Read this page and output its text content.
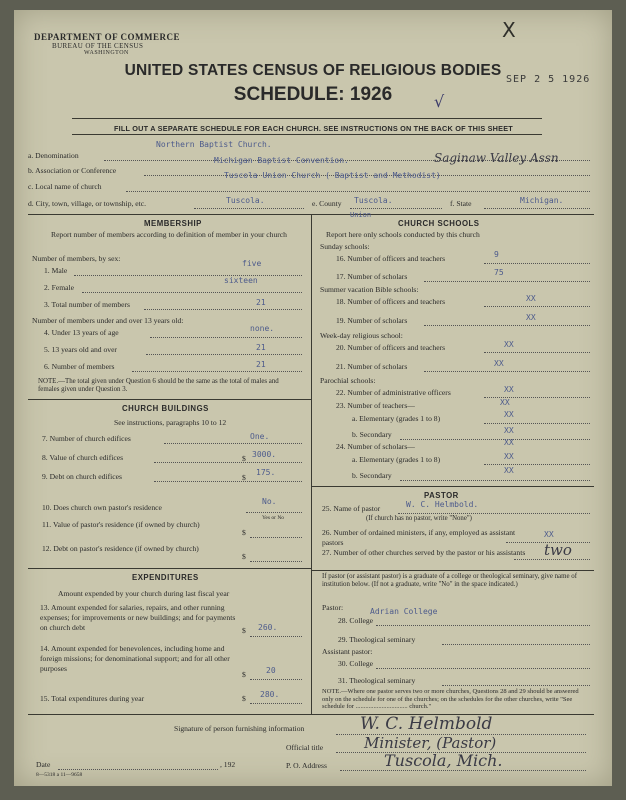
DEPARTMENT OF COMMERCE
BUREAU OF THE CENSUS
WASHINGTON
X
UNITED STATES CENSUS OF RELIGIOUS BODIES
SEP 2 5 1926
SCHEDULE: 1926	√
FILL OUT A SEPARATE SCHEDULE FOR EACH CHURCH. SEE INSTRUCTIONS ON THE BACK OF THIS SHEET
a. Denomination
Northern Baptist Church.
b. Association or Conference
Michigan Baptist Convention.	Saginaw Valley Assn
c. Local name of church
Tuscola Union Church ( Baptist and Methodist)
d. City, town, village, or township, etc.	Tuscola.	e. County Tuscola.	f. State	Michigan.
MEMBERSHIP
Report number of members according to definition of member in your church
Number of members, by sex:
1. Male
five
2. Female
sixteen
3. Total number of members	21
Number of members under and over 13 years old:
4. Under 13 years of age	none.
5. 13 years old and over	21
6. Number of members	21
NOTE.—The total given under Question 6 should be the same as the total of males and females given under Question 3.
CHURCH BUILDINGS
See instructions, paragraphs 10 to 12
7. Number of church edifices	One.
8. Value of church edifices	$ 3000.
9. Debt on church edifices	$
175.
10. Does church own pastor's residence
No.
Yes or No
11. Value of pastor's residence (if owned by church)
$
12. Debt on pastor's residence (if owned by church)
$
EXPENDITURES
Amount expended by your church during last fiscal year
13. Amount expended for salaries, repairs, and other running expenses; for improvements or new buildings; and for payments on church debt	$ 260.
14. Amount expended for benevolences, including home and foreign missions; for denominational support; and for all other purposes
$	20
15. Total expenditures during year	$ 280.
Union
CHURCH SCHOOLS
Report here only schools conducted by this church
Sunday schools:
16. Number of officers and teachers	9
17. Number of scholars	75
Summer vacation Bible schools:
18. Number of officers and teachers	XX
19. Number of scholars	XX
Week-day religious school:
20. Number of officers and teachers	XX
21. Number of scholars	XX
Parochial schools:
22. Number of administrative officers	XX
23. Number of teachers—	XX
a. Elementary (grades 1 to 8)	XX
b. Secondary	XX
24. Number of scholars—	XX
a. Elementary (grades 1 to 8)	XX
b. Secondary
XX
PASTOR
25. Name of pastor	W. C. Helmbold.
(If church has no pastor, write "None")
26. Number of ordained ministers, if any, employed as assistant pastors
XX
27. Number of other churches served by the pastor or his assistants two
If pastor (or assistant pastor) is a graduate of a college or theological seminary, give name of institution below. (If not a graduate, write "No" in the space indicated.)
Pastor:
28. College
Adrian College
29. Theological seminary
Assistant pastor:
30. College
31. Theological seminary
NOTE.—Where one pastor serves two or more churches, Questions 28 and 29 should be answered only on the schedule for one of the churches; on the schedules for the other churches, write "See schedule for ................................ church."
Signature of person furnishing information	W. C. Helmbold
Official title	Minister, (Pastor)
Date	, 192	P. O. Address	Tuscola, Mich.
8—5318 a 11—9658
